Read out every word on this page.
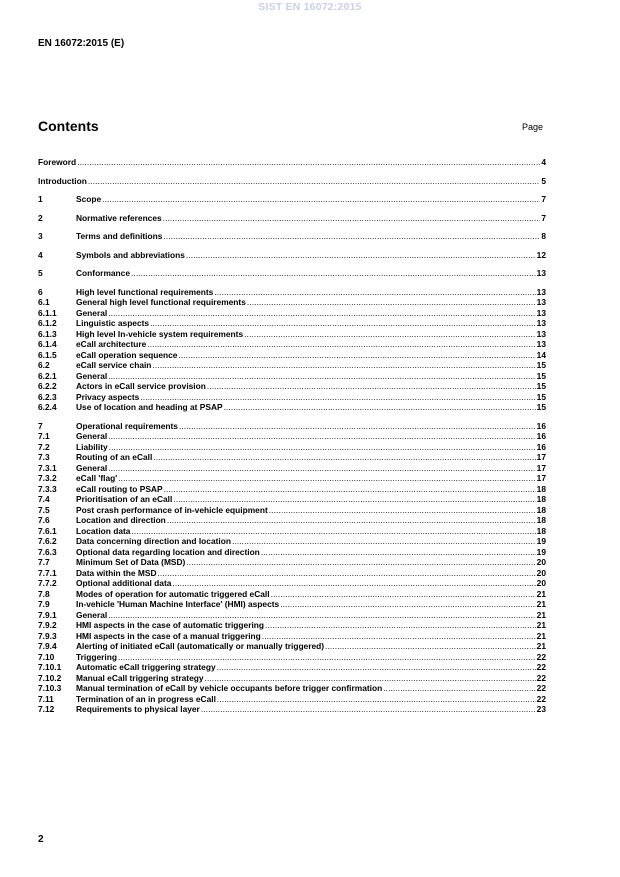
SIST EN 16072:2015
EN 16072:2015 (E)
Contents	Page
Foreword .....	4
Introduction .....	5
1	Scope .....	7
2	Normative references .....	7
3	Terms and definitions .....	8
4	Symbols and abbreviations .....	12
5	Conformance .....	13
6	High level functional requirements .....	13
6.1	General high level functional requirements .....	13
6.1.1	General .....	13
6.1.2	Linguistic aspects .....	13
6.1.3	High level In-vehicle system requirements .....	13
6.1.4	eCall architecture .....	13
6.1.5	eCall operation sequence .....	14
6.2	eCall service chain .....	15
6.2.1	General .....	15
6.2.2	Actors in eCall service provision .....	15
6.2.3	Privacy aspects .....	15
6.2.4	Use of location and heading at PSAP .....	15
7	Operational requirements .....	16
7.1	General .....	16
7.2	Liability .....	16
7.3	Routing of an eCall .....	17
7.3.1	General .....	17
7.3.2	eCall 'flag' .....	17
7.3.3	eCall routing to PSAP .....	18
7.4	Prioritisation of an eCall .....	18
7.5	Post crash performance of in-vehicle equipment .....	18
7.6	Location and direction .....	18
7.6.1	Location data .....	18
7.6.2	Data concerning direction and location .....	19
7.6.3	Optional data regarding location and direction .....	19
7.7	Minimum Set of Data (MSD) .....	20
7.7.1	Data within the MSD .....	20
7.7.2	Optional additional data .....	20
7.8	Modes of operation for automatic triggered eCall .....	21
7.9	In-vehicle 'Human Machine Interface' (HMI) aspects .....	21
7.9.1	General .....	21
7.9.2	HMI aspects in the case of automatic triggering .....	21
7.9.3	HMI aspects in the case of a manual triggering .....	21
7.9.4	Alerting of initiated eCall (automatically or manually triggered) .....	21
7.10	Triggering .....	22
7.10.1	Automatic eCall triggering strategy .....	22
7.10.2	Manual eCall triggering strategy .....	22
7.10.3	Manual termination of eCall by vehicle occupants before trigger confirmation .....	22
7.11	Termination of an in progress eCall .....	22
7.12	Requirements to physical layer .....	23
2
